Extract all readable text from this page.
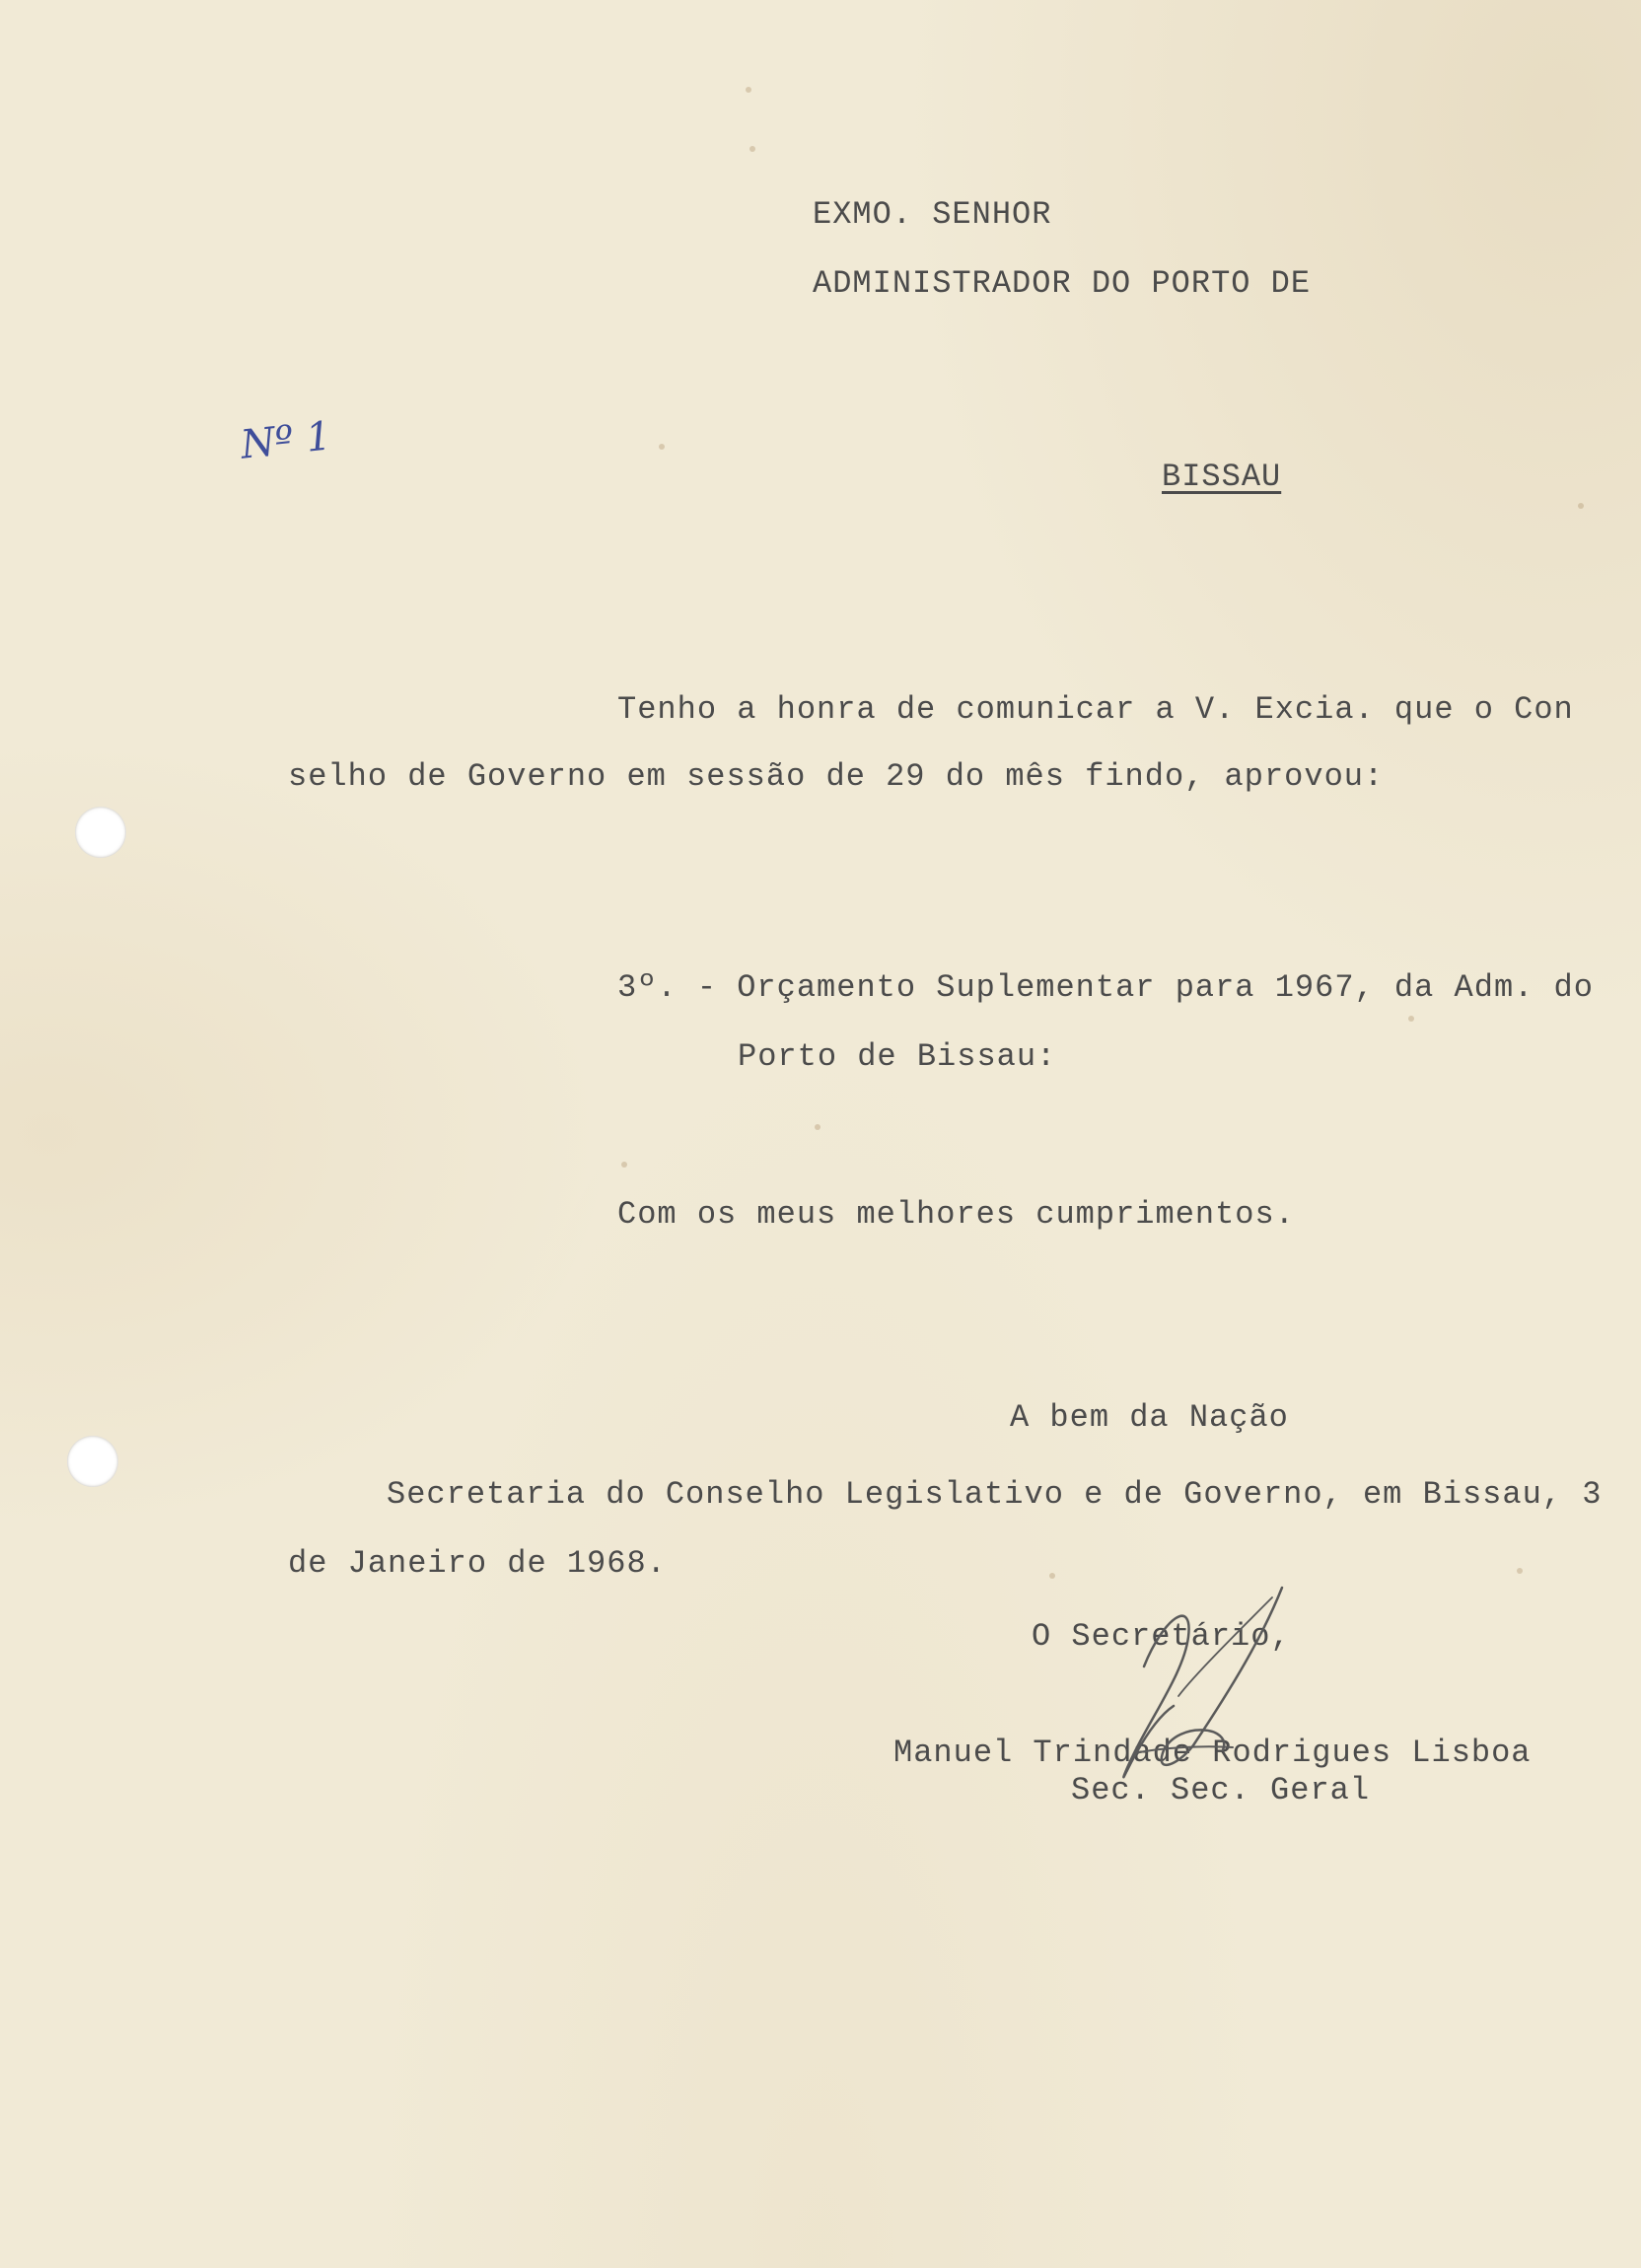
EXMO. SENHOR
ADMINISTRADOR DO PORTO DE
Nº 1
BISSAU
Tenho a honra de comunicar a V. Excia. que o Con
selho de Governo em sessão de 29 do mês findo, aprovou:
3º. - Orçamento Suplementar para 1967, da Adm. do
Porto de Bissau:
Com os meus melhores cumprimentos.
A bem da Nação
Secretaria do Conselho Legislativo e de Governo, em Bissau, 3
de Janeiro de 1968.
O Secretário,
Manuel Trindade Rodrigues Lisboa
Sec. Sec. Geral
